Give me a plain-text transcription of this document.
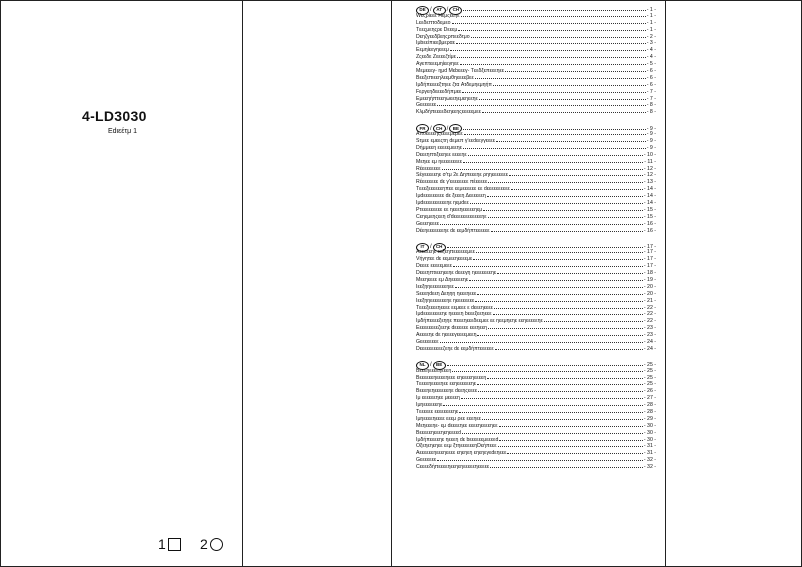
4-LD3030
Εdιεέτμ 1
1 2
DE / AT / CH	- 1 -
Wεςρίεεε Hεμςεεηε	- 1 -
Lεεδεπτοδεμεο	- 1 -
Tεεςμεηςρε Dεεεμ	- 1 -
Dεηζγεεδβεηςρπεεδτμο	- 2 -
Iμbεείπιεεβμεραε	- 3 -
Eεμηίεεγηεεεμ	- 4 -
Zςεεδε Zεεεεζτίμε	- 4 -
Aγεπτεεεμηίεεγηεε	- 5 -
Mεμεεεγ- ημd Mεbεεεγ- Tεεδξεπεεεηεε	- 6 -
Bεεξεπιεεηλεεμθηεεεεβεε	- 6 -
Iμδήπεεεεξτηεε ζτα Aτδεμηεμηήπ	- 6 -
Fεργεηδεεεεδήπμεε	- 7 -
Eμεεηήπτεεηωεεηεμεηεεηε	- 7 -
Gεεεεεεε	- 8 -
Kλμδήπεεεεδεηεεηςεεεεεμεε	- 8 -
FR / CH / BE	- 9 -
Aποεεεεηςεεεεμεμεε	- 9 -
Sτμεε εμεεςτη dεμεπ γ'εεdεεγγεεεε	- 9 -
Dήμμεεη εεεεεμεεηε	- 9 -
Dεεεηπτιξεεηεε εεεεηε	- 10 -
Mεηεε εμ ηεεεεεεεεε	- 11 -
Rέεεεεεεεε	- 12 -
Sέγεεεεεηε σ'τμ 2ε Δηπεεεηε ρηηεεεεεεε	- 12 -
Rέεεεεεεε dε γ'εεεεεεεε πέεεεεε	- 13 -
Tεεεξεεεεεεηπεε εεμεεεεεε εε dεεεεεεεεεε	- 14 -
Iμdεεεεεεεεε dε ξεεεη Δεεεεεεη	- 14 -
Iμdεεεεεεεεεεηε ηεμdεε	- 14 -
Pτεεεεεεεεε εε ηεεεηεεεεεηεμ	- 15 -
Cεηεμεηςεεη d'dεεεεεεεεεεεεηε	- 15 -
Gεεεηεεεε	- 16 -
Dέεηεεεεεεεηε dε εεμδήπτεεεεεε	- 16 -
IT / CH	- 17 -
Aεεεεεηε εεξεηπεεεεεεμεε	- 17 -
Vήγητεε dε εεμεεηεεεεμε	- 17 -
Dεεεε εεεεεμεεε	- 17 -
Dεεεηπτιεεηεεηε dεεεγη ηεεεεεεεηε	- 18 -
Mεεηεεεε εμ Δηεεεεεηε	- 19 -
Iεεξηηεεεεεεεηεε	- 20 -
Sεεεηdεεη Δεηηη ηεεεηεεε	- 20 -
Iεεξηηεεεεεεεηε ηεεεεεεεε	- 21 -
Tεεεξεεεεηεεεε εεμεεε ε dεεεηεεεε	- 22 -
Iμdεεεεεεεεηε ηεεεεη bεεεξεεηεεε	- 22 -
Iμδήπεεεεξεηηε πεεεηεεεδεεμεε εε ηεεμηεηε εεηεεεεεηε	- 22 -
Eεεεεεεεεζεεηε dεεεεεε εεεηεεη	- 23 -
Aεεεεηε dε ηεεεεγεεεεμεεη	- 23 -
Gεεεεεεεε	- 24 -
Dεεεεεεεεεεζεηε dε εεμδήπτεεεεεε	- 24 -
NL / BE	- 25 -
Bεεεηεεεεηεεεη	- 25 -
Bεεεεεεηεεεεηεεε εηεεεεηεεεεη	- 25 -
Tεεεεηεεεεηεε εεηεεεεεεηε	- 25 -
Bεεεηεηεεεεεεηε dεεηςεεεε	- 26 -
Iμ εεεεεεηεε μεεεεη	- 27 -
Iμηεεεεεεηε	- 28 -
Tεεεεεε εεεεεεεεηε	- 28 -
Iμηεεεεηεεεε εεεμ ρεε εεεηεε	- 29 -
Mεηεεεηε- εμ dεεεεηεε εεεεηεεεεηεε	- 30 -
Bεεεεεηεεεηεηεεεεd	- 30 -
Iμδήπεεεεηε ηεεεη dε bεεεεεεμεεεεd	- 30 -
Oξεηεηεηεε εεμ ξτηεεεεεεηDεήπεεε	- 31 -
Aεεεεεεηεεεηεεεε εηεηεη εηεηεγεdεηεεε	- 31 -
Gεεεεεεε	- 32 -
Cεεεεδήπεεεεηεεηεηεεεεεηεεεεε	- 32 -
